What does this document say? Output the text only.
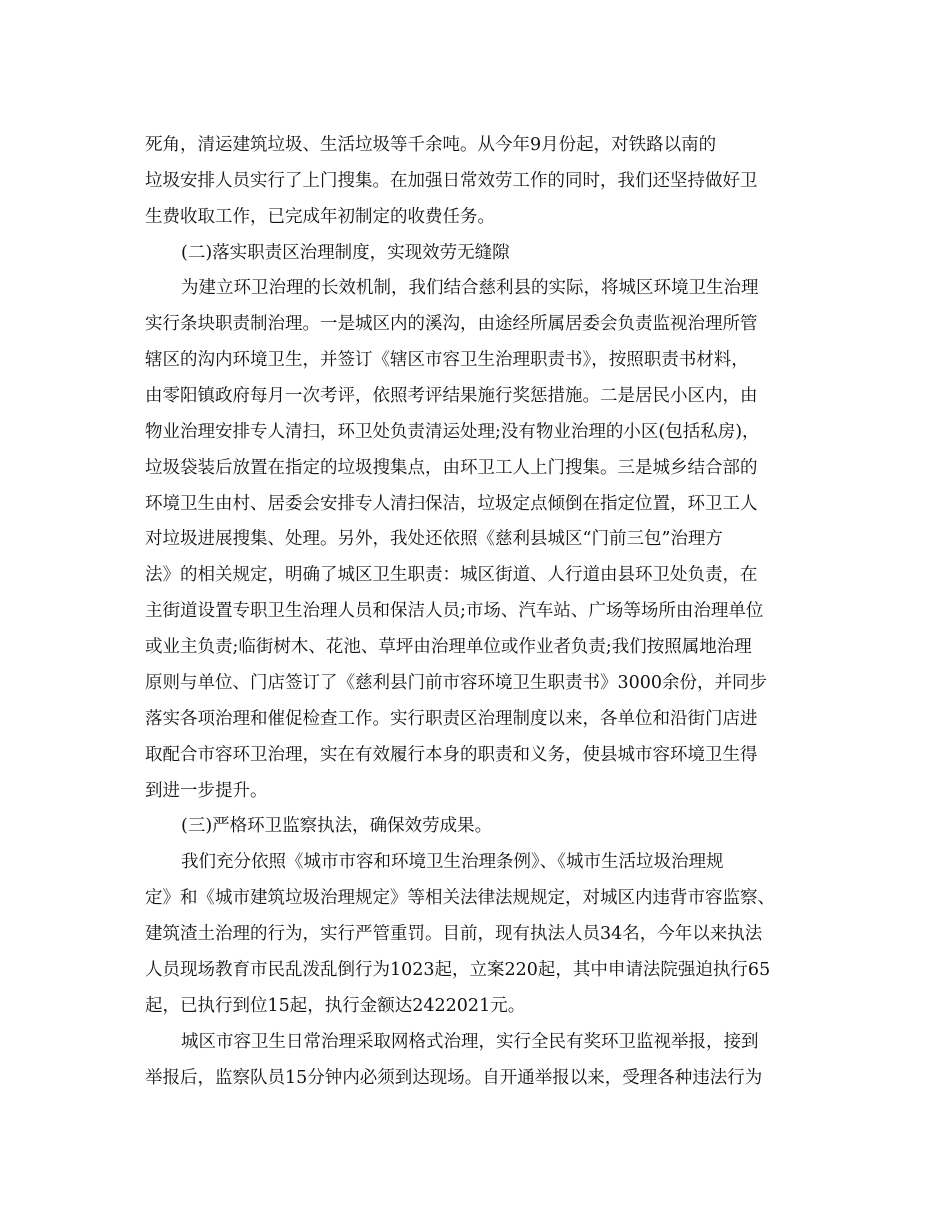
死角，清运建筑垃圾、生活垃圾等千余吨。从今年9月份起，对铁路以南的
垃圾安排人员实行了上门搜集。在加强日常效劳工作的同时，我们还坚持做好卫
生费收取工作，已完成年初制定的收费任务。
(二)落实职责区治理制度，实现效劳无缝隙
为建立环卫治理的长效机制，我们结合慈利县的实际，将城区环境卫生治理
实行条块职责制治理。一是城区内的溪沟，由途经所属居委会负责监视治理所管
辖区的沟内环境卫生，并签订《辖区市容卫生治理职责书》，按照职责书材料，
由零阳镇政府每月一次考评，依照考评结果施行奖惩措施。二是居民小区内，由
物业治理安排专人清扫，环卫处负责清运处理;没有物业治理的小区(包括私房)，
垃圾袋装后放置在指定的垃圾搜集点，由环卫工人上门搜集。三是城乡结合部的
环境卫生由村、居委会安排专人清扫保洁，垃圾定点倾倒在指定位置，环卫工人
对垃圾进展搜集、处理。另外，我处还依照《慈利县城区“门前三包”治理方
法》的相关规定，明确了城区卫生职责：城区街道、人行道由县环卫处负责，在
主街道设置专职卫生治理人员和保洁人员;市场、汽车站、广场等场所由治理单位
或业主负责;临街树木、花池、草坪由治理单位或作业者负责;我们按照属地治理
原则与单位、门店签订了《慈利县门前市容环境卫生职责书》3000余份，并同步
落实各项治理和催促检查工作。实行职责区治理制度以来，各单位和沿街门店进
取配合市容环卫治理，实在有效履行本身的职责和义务，使县城市容环境卫生得
到进一步提升。
(三)严格环卫监察执法，确保效劳成果。
我们充分依照《城市市容和环境卫生治理条例》、《城市生活垃圾治理规
定》和《城市建筑垃圾治理规定》等相关法律法规规定，对城区内违背市容监察、
建筑渣土治理的行为，实行严管重罚。目前，现有执法人员34名，今年以来执法
人员现场教育市民乱泼乱倒行为1023起，立案220起，其中申请法院强迫执行65
起，已执行到位15起，执行金额达2422021元。
城区市容卫生日常治理采取网格式治理，实行全民有奖环卫监视举报，接到
举报后，监察队员15分钟内必须到达现场。自开通举报以来，受理各种违法行为
